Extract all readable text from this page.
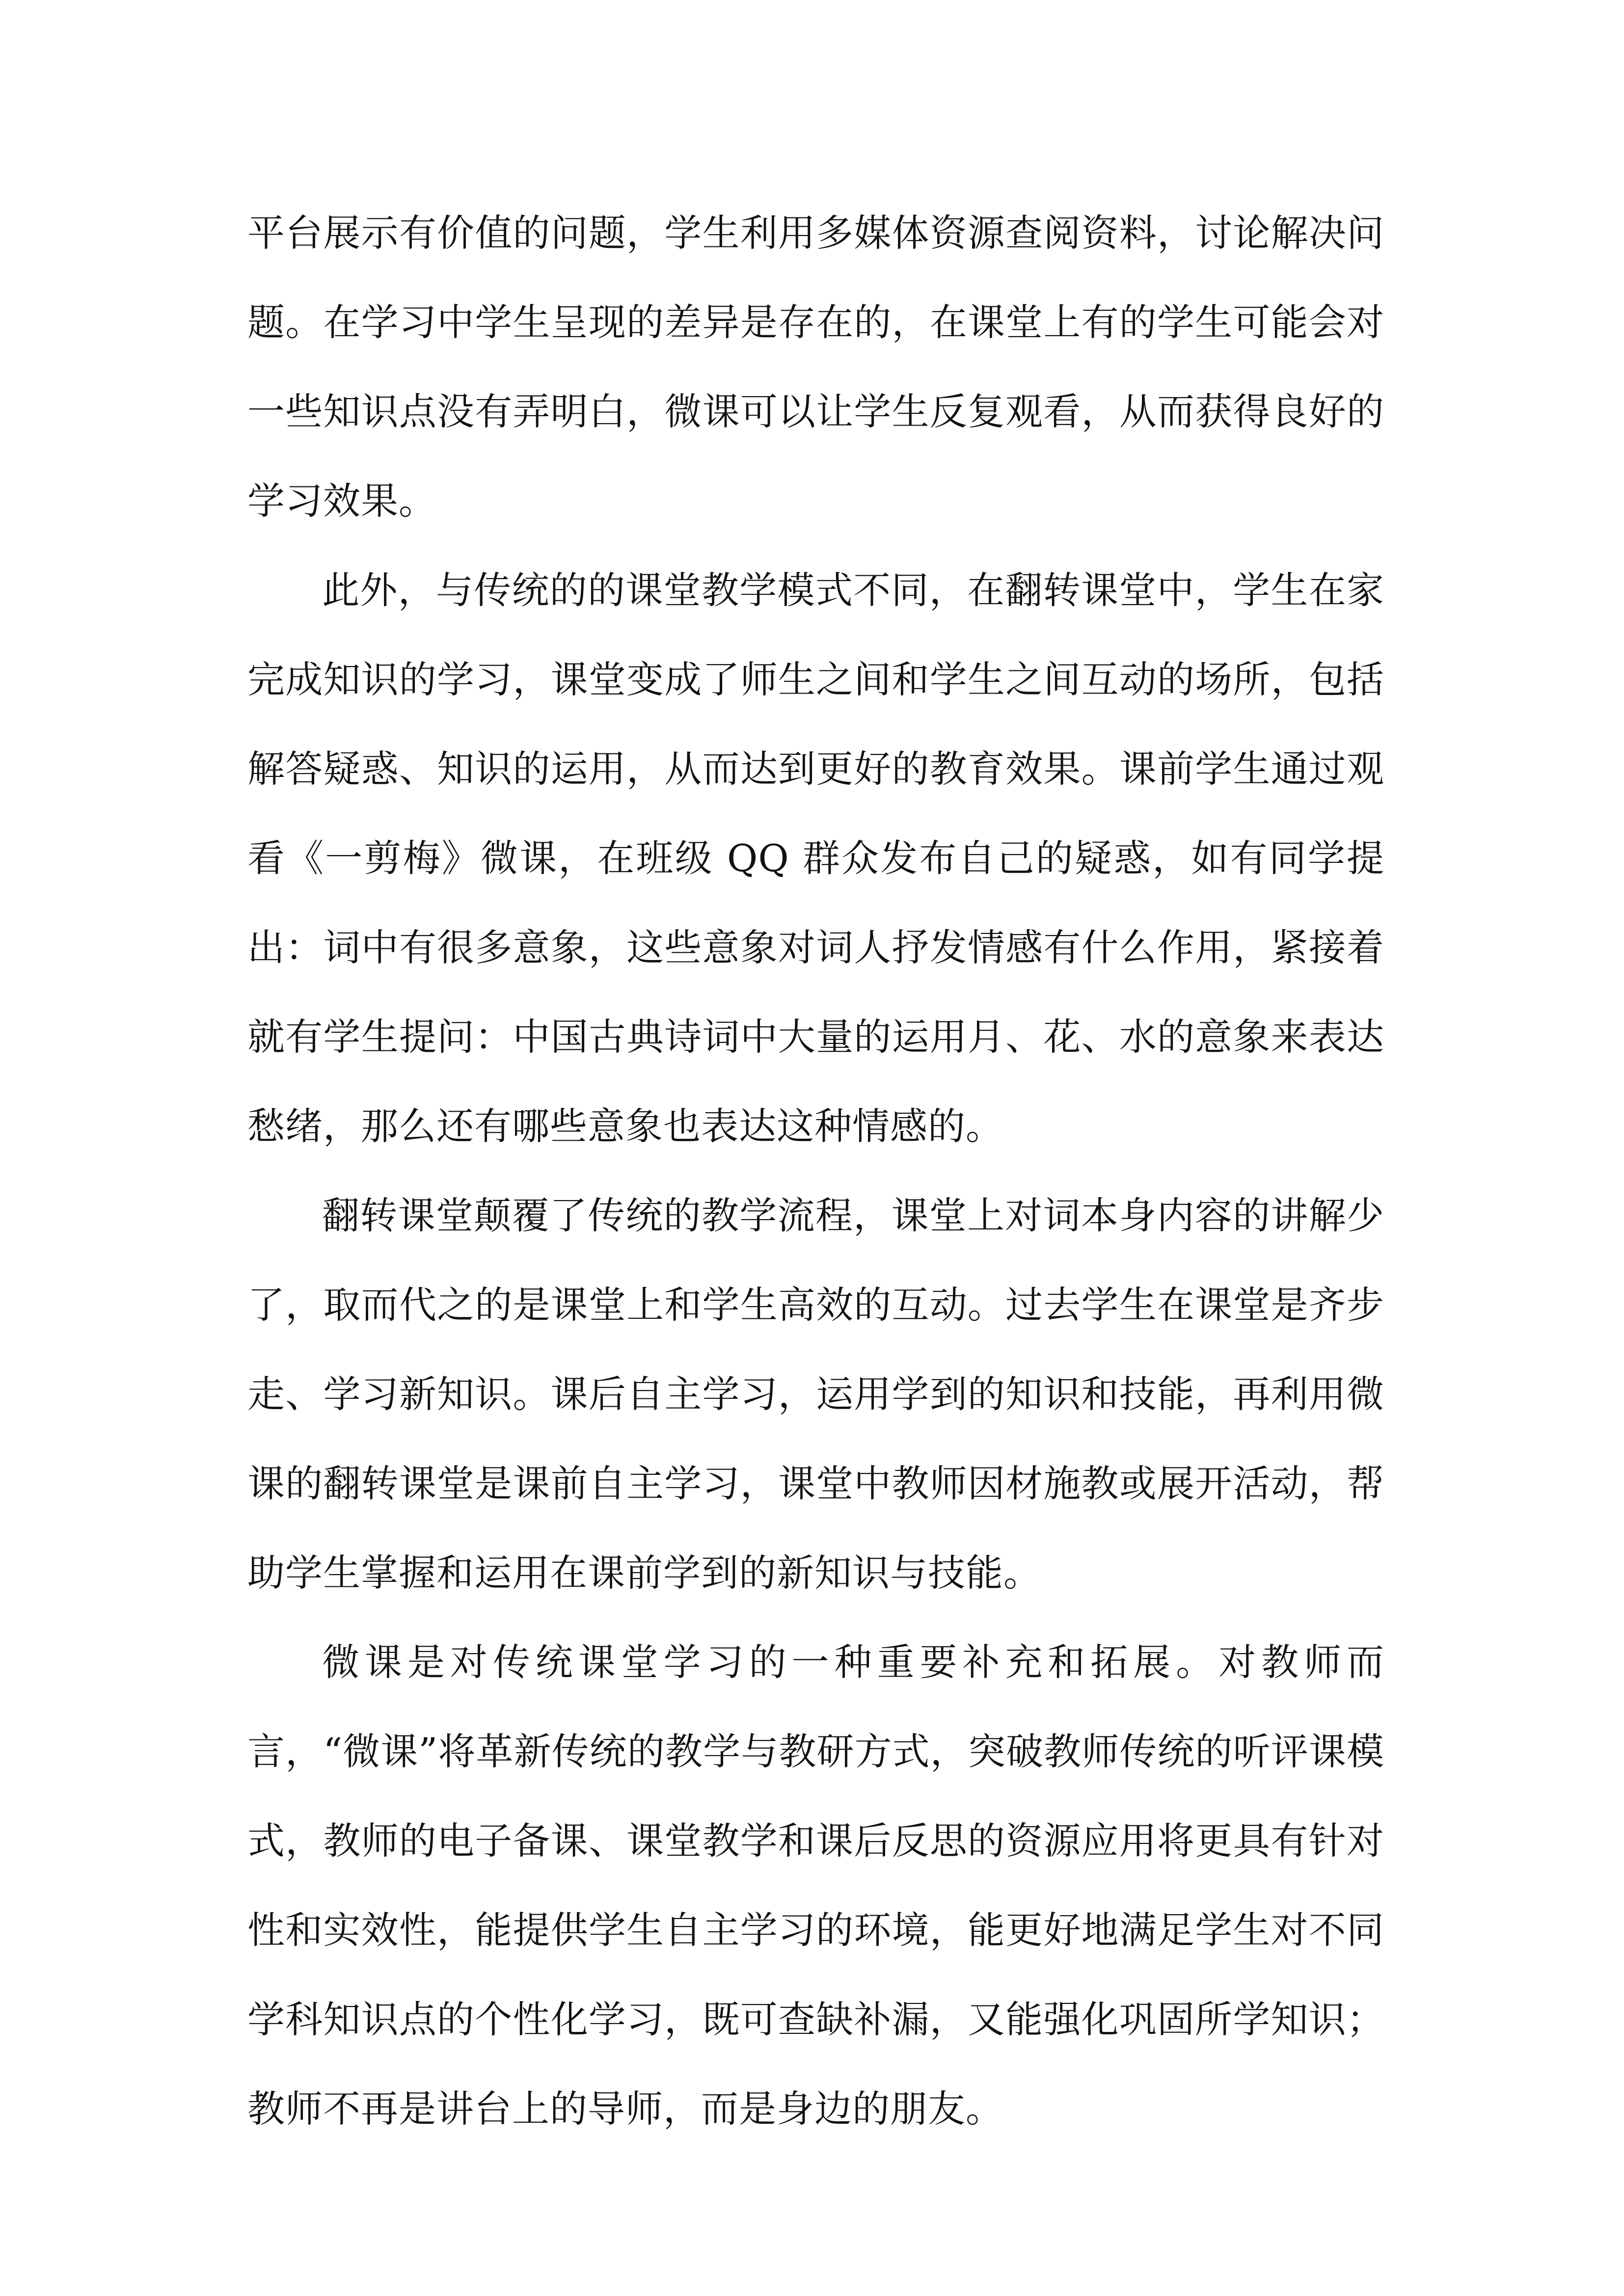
平台展示有价值的问题，学生利用多媒体资源查阅资料，讨论解决问题。在学习中学生呈现的差异是存在的，在课堂上有的学生可能会对一些知识点没有弄明白，微课可以让学生反复观看，从而获得良好的学习效果。

此外，与传统的的课堂教学模式不同，在翻转课堂中，学生在家完成知识的学习，课堂变成了师生之间和学生之间互动的场所，包括解答疑惑、知识的运用，从而达到更好的教育效果。课前学生通过观看《一剪梅》微课，在班级 QQ 群众发布自己的疑惑，如有同学提出：词中有很多意象，这些意象对词人抒发情感有什么作用，紧接着就有学生提问：中国古典诗词中大量的运用月、花、水的意象来表达愁绪，那么还有哪些意象也表达这种情感的。

翻转课堂颠覆了传统的教学流程，课堂上对词本身内容的讲解少了，取而代之的是课堂上和学生高效的互动。过去学生在课堂是齐步走、学习新知识。课后自主学习，运用学到的知识和技能，再利用微课的翻转课堂是课前自主学习，课堂中教师因材施教或展开活动，帮助学生掌握和运用在课前学到的新知识与技能。

微课是对传统课堂学习的一种重要补充和拓展。对教师而言，“微课”将革新传统的教学与教研方式，突破教师传统的听评课模式，教师的电子备课、课堂教学和课后反思的资源应用将更具有针对性和实效性，能提供学生自主学习的环境，能更好地满足学生对不同学科知识点的个性化学习，既可查缺补漏，又能强化巩固所学知识；教师不再是讲台上的导师，而是身边的朋友。
